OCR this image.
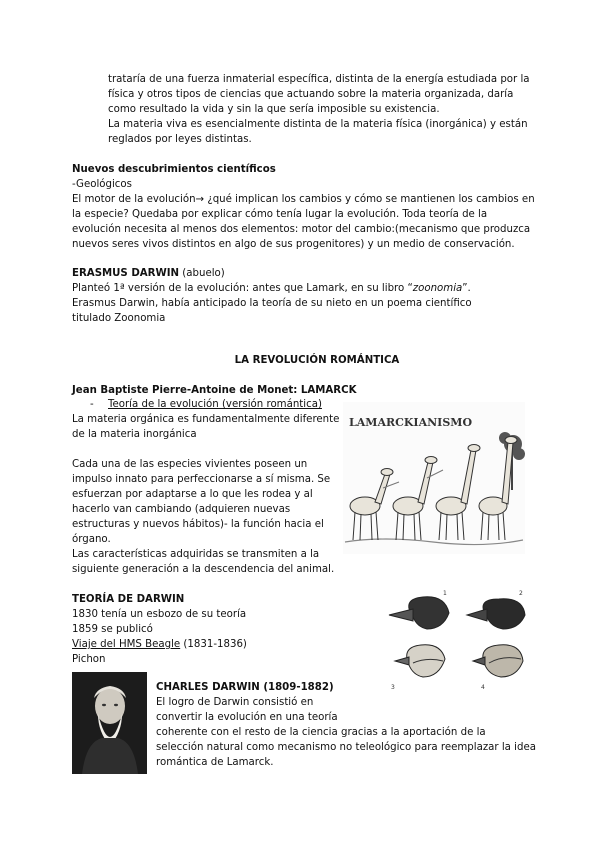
trataría de una fuerza inmaterial específica, distinta de la energía estudiada por la
física y otros tipos de ciencias que actuando sobre la materia organizada, daría
como resultado la vida y sin la que sería imposible su existencia.
La materia viva es esencialmente distinta de la materia física (inorgánica) y están
reglados por leyes distintas.
Nuevos descubrimientos científicos
-Geológicos
El motor de la evolución→ ¿qué implican los cambios y cómo se mantienen los cambios en
la especie? Quedaba por explicar cómo tenía lugar la evolución. Toda teoría de la
evolución necesita al menos dos elementos: motor del cambio:(mecanismo que produzca
nuevos seres vivos distintos en algo de sus progenitores) y un medio de conservación.
ERASMUS DARWIN (abuelo)
Planteó 1ª versión de la evolución: antes que Lamark, en su libro “zoonomia”.
Erasmus Darwin, había anticipado la teoría de su nieto en un poema científico
titulado Zoonomia
LA REVOLUCIÓN ROMÁNTICA
Jean Baptiste Pierre-Antoine de Monet: LAMARCK
- Teoría de la evolución (versión romántica)
La materia orgánica es fundamentalmente diferente
de la materia inorgánica
Cada una de las especies vivientes poseen un
impulso innato para perfeccionarse a sí misma. Se
esfuerzan por adaptarse a lo que les rodea y al
hacerlo van cambiando (adquieren nuevas
estructuras y nuevos hábitos)- la función hacia el
órgano.
Las características adquiridas se transmiten a la
siguiente generación a la descendencia del animal.
LAMARCKIANISMO
TEORÍA DE DARWIN
1830 tenía un esbozo de su teoría
1859 se publicó
Viaje del HMS Beagle (1831-1836)
Pichon
1	2
3	4
CHARLES DARWIN (1809-1882)
El logro de Darwin consistió en
convertir la evolución en una teoría
coherente con el resto de la ciencia gracias a la aportación de la
selección natural como mecanismo no teleológico para reemplazar la idea
romántica de Lamarck.
